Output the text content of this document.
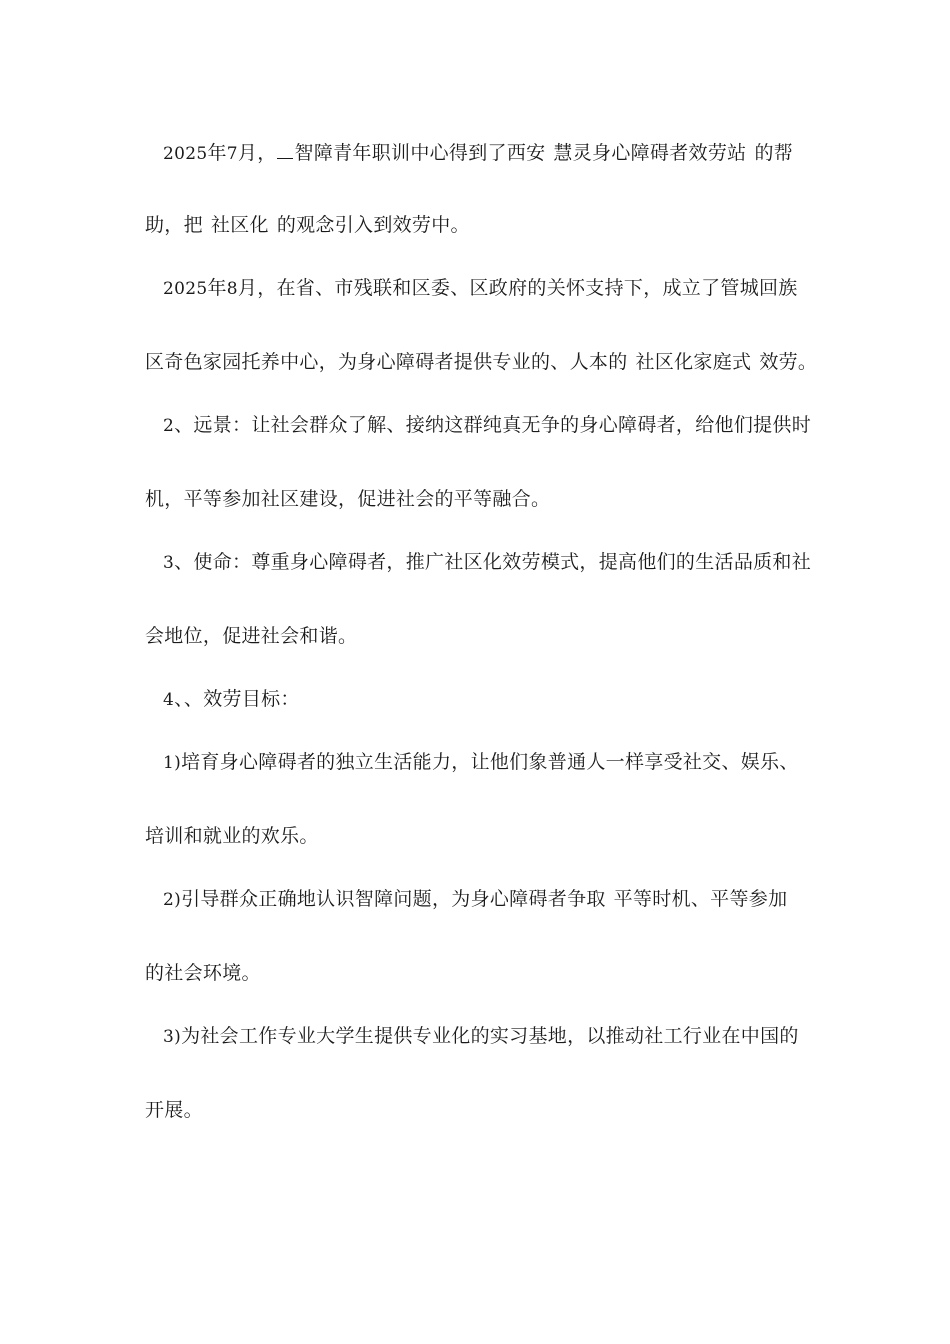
2025年7月， 智障青年职训中心得到了西安 慧灵身心障碍者效劳站 的帮
助，把 社区化 的观念引入到效劳中。
2025年8月，在省、市残联和区委、区政府的关怀支持下，成立了管城回族
区奇色家园托养中心，为身心障碍者提供专业的、人本的 社区化家庭式 效劳。
2、远景：让社会群众了解、接纳这群纯真无争的身心障碍者，给他们提供时
机，平等参加社区建设，促进社会的平等融合。
3、使命：尊重身心障碍者，推广社区化效劳模式，提高他们的生活品质和社
会地位，促进社会和谐。
4、、效劳目标：
1)培育身心障碍者的独立生活能力，让他们象普通人一样享受社交、娱乐、
培训和就业的欢乐。
2)引导群众正确地认识智障问题，为身心障碍者争取 平等时机、平等参加
的社会环境。
3)为社会工作专业大学生提供专业化的实习基地，以推动社工行业在中国的
开展。
